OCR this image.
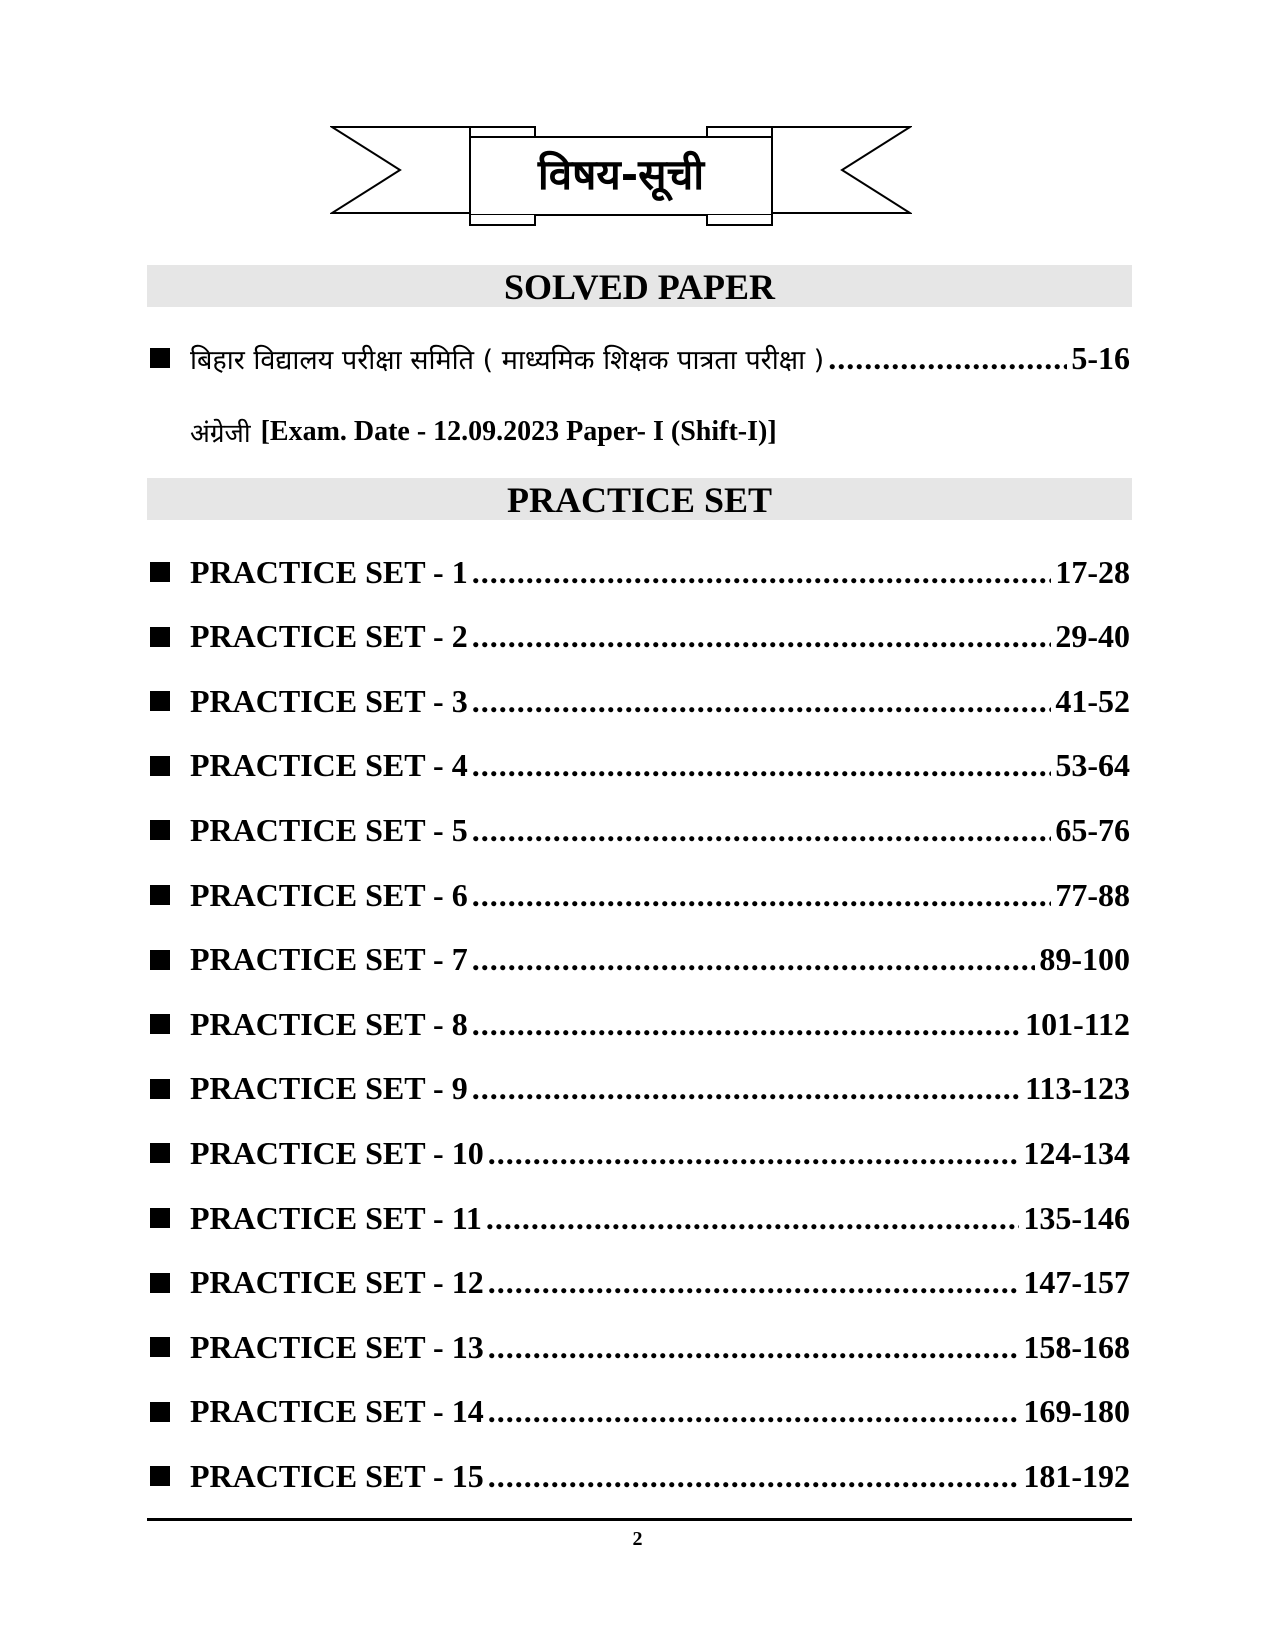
विषय-सूची
SOLVED PAPER
बिहार विद्यालय परीक्षा समिति ( माध्यमिक शिक्षक पात्रता परीक्षा ) .....	5-16
अंग्रेजी [Exam. Date - 12.09.2023 Paper- I (Shift-I)]
PRACTICE SET
PRACTICE SET - 1 .....	17-28
PRACTICE SET - 2 .....	29-40
PRACTICE SET - 3 .....	41-52
PRACTICE SET - 4 .....	53-64
PRACTICE SET - 5 .....	65-76
PRACTICE SET - 6 .....	77-88
PRACTICE SET - 7 .....	89-100
PRACTICE SET - 8 .....	101-112
PRACTICE SET - 9 .....	113-123
PRACTICE SET - 10 .....	124-134
PRACTICE SET - 11 .....	135-146
PRACTICE SET - 12 .....	147-157
PRACTICE SET - 13 .....	158-168
PRACTICE SET - 14 .....	169-180
PRACTICE SET - 15 .....	181-192
2
